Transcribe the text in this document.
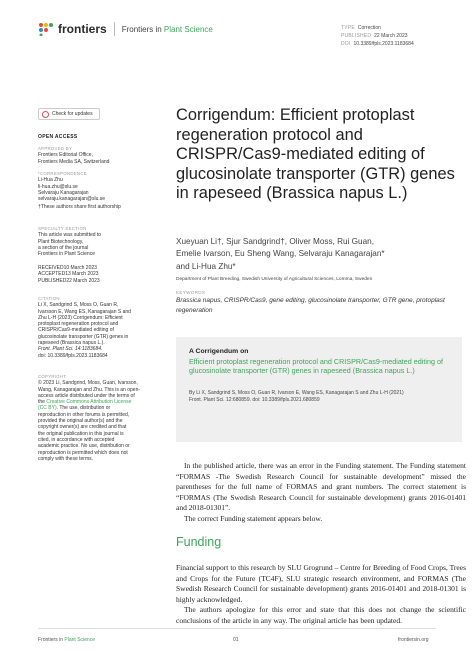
frontiers Frontiers in Plant Science	TYPE Correction
PUBLISHED 22 March 2023
DOI 10.3389/fpls.2023.1183684
Check for updates
OPEN ACCESS
APPROVED BY
Frontiers Editorial Office,
Frontiers Media SA, Switzerland
*CORRESPONDENCE
Li-Hua Zhu
li-hua.zhu@slu.se
Selvaraju Kanagarajan
selvaraju.kanagarajan@slu.se
†These authors share first authorship
SPECIALTY SECTION
This article was submitted to
Plant Biotechnology,
a section of the journal
Frontiers in Plant Science
RECEIVED10 March 2023
ACCEPTED13 March 2023
PUBLISHED22 March 2023
CITATION
Li X, Sandgrind S, Moss O, Guan R,
Ivarsson E, Wang ES, Kanagarajan S and
Zhu L-H (2023) Corrigendum: Efficient
protoplast regeneration protocol and
CRISPR/Cas9-mediated editing of
glucosinolate transporter (GTR) genes in
rapeseed (Brassica napus L.).
Front. Plant Sci. 14:1183684.
doi: 10.3389/fpls.2023.1183684
COPYRIGHT
© 2023 Li, Sandgrind, Moss, Guan, Ivarsson,
Wang, Kanagarajan and Zhu. This is an open-
access article distributed under the terms of
the Creative Commons Attribution License
(CC BY). The use, distribution or
reproduction in other forums is permitted,
provided the original author(s) and the
copyright owner(s) are credited and that
the original publication in this journal is
cited, in accordance with accepted
academic practice. No use, distribution or
reproduction is permitted which does not
comply with these terms.
Corrigendum: Efficient protoplast regeneration protocol and CRISPR/Cas9-mediated editing of glucosinolate transporter (GTR) genes in rapeseed (Brassica napus L.)
Xueyuan Li†, Sjur Sandgrind†, Oliver Moss, Rui Guan,
Emelie Ivarson, Eu Sheng Wang, Selvaraju Kanagarajan*
and Li-Hua Zhu*
Department of Plant Breeding, Swedish University of Agricultural Sciences, Lomma, Sweden
KEYWORDS
Brassica napus, CRISPR/Cas9, gene editing, glucosinolate transporter, GTR gene, protoplast regeneration
A Corrigendum on
Efficient protoplast regeneration protocol and CRISPR/Cas9-mediated editing of glucosinolate transporter (GTR) genes in rapeseed (Brassica napus L.)
By Li X, Sandgrind S, Moss O, Guan R, Ivarson E, Wang ES, Kanagarajan S and Zhu L-H (2021)
Front. Plant Sci. 12:680859. doi: 10.3389/fpls.2021.680859
In the published article, there was an error in the Funding statement. The Funding statement “FORMAS -The Swedish Research Council for sustainable development” missed the parentheses for the full name of FORMAS and grant numbers. The correct statement is “FORMAS (The Swedish Research Council for sustainable development) grants 2016-01401 and 2018-01301”.
The correct Funding statement appears below.
Funding
Financial support to this research by SLU Grogrund – Centre for Breeding of Food Crops, Trees and Crops for the Future (TC4F), SLU strategic research environment, and FORMAS (The Swedish Research Council for sustainable development) grants 2016-01401 and 2018-01301 is highly acknowledged.
The authors apologize for this error and state that this does not change the scientific conclusions of the article in any way. The original article has been updated.
Frontiers in Plant Science	01	frontiersin.org
